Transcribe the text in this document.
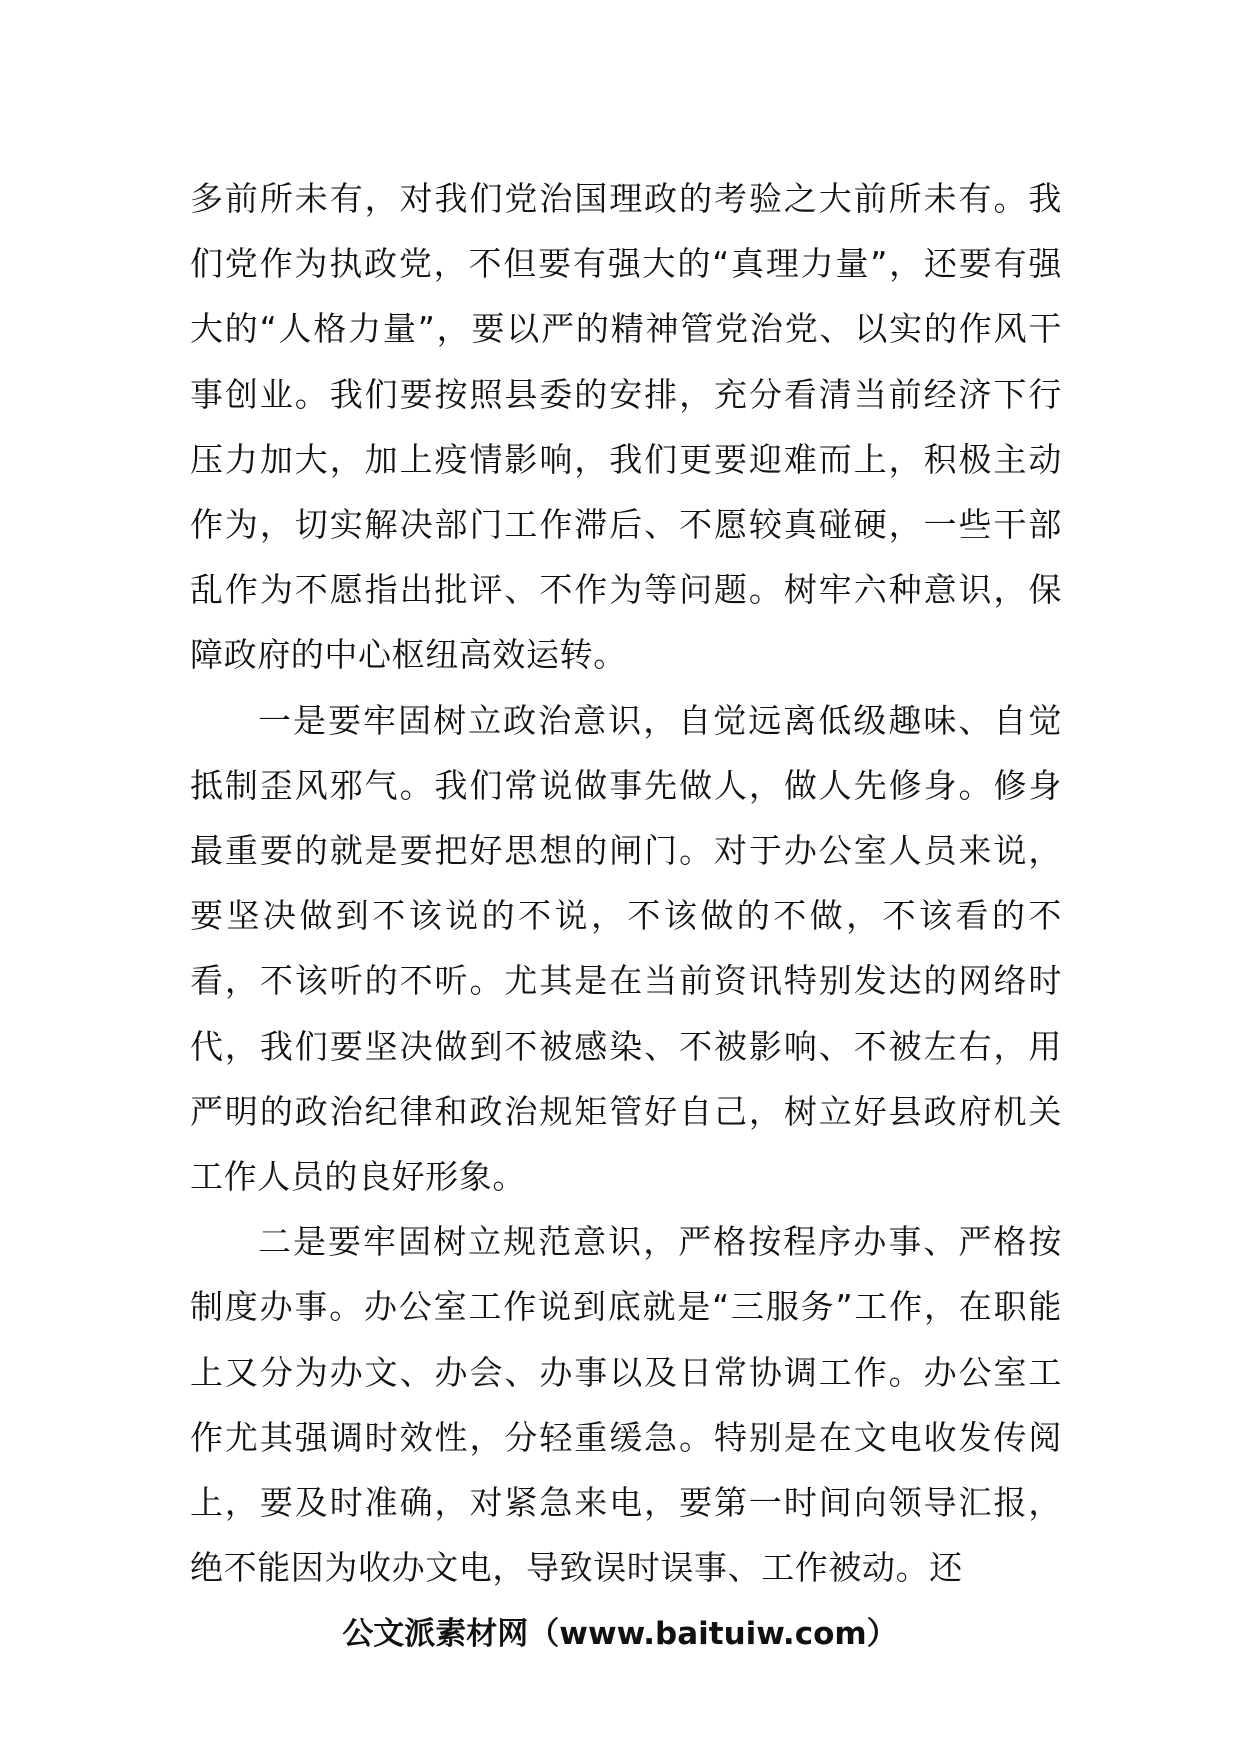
多前所未有，对我们党治国理政的考验之大前所未有。我们党作为执政党，不但要有强大的“真理力量”，还要有强大的“人格力量”，要以严的精神管党治党、以实的作风干事创业。我们要按照县委的安排，充分看清当前经济下行压力加大，加上疫情影响，我们更要迎难而上，积极主动作为，切实解决部门工作滞后、不愿较真碰硬，一些干部乱作为不愿指出批评、不作为等问题。树牢六种意识，保障政府的中心枢纽高效运转。

一是要牢固树立政治意识，自觉远离低级趣味、自觉抵制歪风邪气。我们常说做事先做人，做人先修身。修身最重要的就是要把好思想的闸门。对于办公室人员来说，要坚决做到不该说的不说，不该做的不做，不该看的不看，不该听的不听。尤其是在当前资讯特别发达的网络时代，我们要坚决做到不被感染、不被影响、不被左右，用严明的政治纪律和政治规矩管好自己，树立好县政府机关工作人员的良好形象。

二是要牢固树立规范意识，严格按程序办事、严格按制度办事。办公室工作说到底就是“三服务”工作，在职能上又分为办文、办会、办事以及日常协调工作。办公室工作尤其强调时效性，分轻重缓急。特别是在文电收发传阅上，要及时准确，对紧急来电，要第一时间向领导汇报，绝不能因为收办文电，导致误时误事、工作被动。还

公文派素材网（www.baituiw.com）
